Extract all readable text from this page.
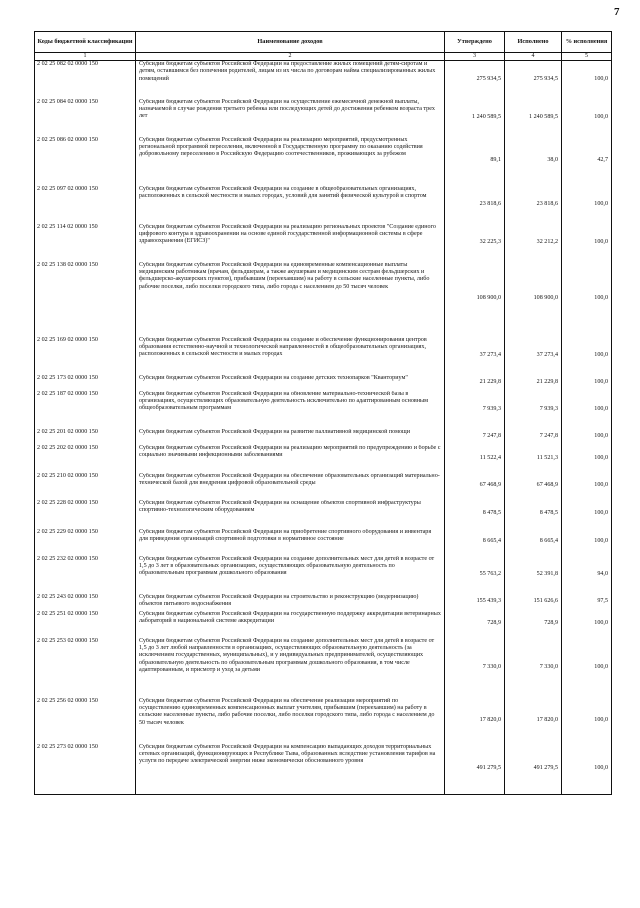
7
Коды бюджетной классификации	Наименование доходов	Утверждено	Исполнено	% исполнения
1	2	3	4	5
2 02 25 082 02 0000 150	Субсидии бюджетам субъектов Российской Федерации на предоставление жилых помещений детям-сиротам и детям, оставшимся без попечения родителей, лицам из их числа по договорам найма специализированных жилых помещений	275 934,5	275 934,5	100,0
2 02 25 084 02 0000 150	Субсидии бюджетам субъектов Российской Федерации на осуществление ежемесячной денежной выплаты, назначаемой в случае рождения третьего ребенка или последующих детей до достижения ребенком возраста трех лет	1 240 589,5	1 240 589,5	100,0
2 02 25 086 02 0000 150	Субсидии бюджетам субъектов Российской Федерации на реализацию мероприятий, предусмотренных региональной программой переселения, включенной в Государственную программу по оказанию содействия добровольному переселению в Российскую Федерацию соотечественников, проживающих за рубежом	89,1	38,0	42,7
2 02 25 097 02 0000 150	Субсидии бюджетам субъектов Российской Федерации на создание в общеобразовательных организациях, расположенных в сельской местности и малых городах, условий для занятий физической культурой и спортом	23 818,6	23 818,6	100,0
2 02 25 114 02 0000 150	Субсидии бюджетам субъектов Российской Федерации на реализацию региональных проектов "Создание единого цифрового контура в здравоохранении на основе единой государственной информационной системы в сфере здравоохранения (ЕГИСЗ)"	32 225,3	32 212,2	100,0
2 02 25 138 02 0000 150	Субсидии бюджетам субъектов Российской Федерации на единовременные компенсационные выплаты медицинским работникам (врачам, фельдшерам, а также акушеркам и медицинским сестрам фельдшерских и фельдшерско-акушерских пунктов), прибывшим (переехавшим) на работу в сельские населенные пункты, либо рабочие поселки, либо поселки городского типа, либо города с населением до 50 тысяч человек	108 900,0	108 900,0	100,0
2 02 25 169 02 0000 150	Субсидии бюджетам субъектов Российской Федерации на создание и обеспечение функционирования центров образования естественно-научной и технологической направленностей в общеобразовательных организациях, расположенных в сельской местности и малых городах	37 273,4	37 273,4	100,0
2 02 25 173 02 0000 150	Субсидии бюджетам субъектов Российской Федерации на создание детских технопарков "Кванториум"	21 229,8	21 229,8	100,0
2 02 25 187 02 0000 150	Субсидии бюджетам субъектов Российской Федерации на обновление материально-технической базы в организациях, осуществляющих образовательную деятельность исключительно по адаптированным основным общеобразовательным программам	7 939,3	7 939,3	100,0
2 02 25 201 02 0000 150	Субсидии бюджетам субъектов Российской Федерации на развитие паллиативной медицинской помощи	7 247,8	7 247,8	100,0
2 02 25 202 02 0000 150	Субсидии бюджетам субъектов Российской Федерации на реализацию мероприятий по предупреждению и борьбе с социально значимыми инфекционными заболеваниями	11 522,4	11 521,3	100,0
2 02 25 210 02 0000 150	Субсидии бюджетам субъектов Российской Федерации на обеспечение образовательных организаций материально-технической базой для внедрения цифровой образовательной среды	67 468,9	67 468,9	100,0
2 02 25 228 02 0000 150	Субсидии бюджетам субъектов Российской Федерации на оснащение объектов спортивной инфраструктуры спортивно-технологическим оборудованием	8 478,5	8 478,5	100,0
2 02 25 229 02 0000 150	Субсидии бюджетам субъектов Российской Федерации на приобретение спортивного оборудования и инвентаря для приведения организаций спортивной подготовки в нормативное состояние	8 665,4	8 665,4	100,0
2 02 25 232 02 0000 150	Субсидии бюджетам субъектов Российской Федерации на создание дополнительных мест для детей в возрасте от 1,5 до 3 лет в образовательных организациях, осуществляющих образовательную деятельность по образовательным программам дошкольного образования	55 763,2	52 391,8	94,0
2 02 25 243 02 0000 150	Субсидии бюджетам субъектов Российской Федерации на строительство и реконструкцию (модернизацию) объектов питьевого водоснабжения	155 439,3	151 626,6	97,5
2 02 25 251 02 0000 150	Субсидии бюджетам субъектов Российской Федерации на государственную поддержку аккредитации ветеринарных лабораторий в национальной системе аккредитации	728,9	728,9	100,0
2 02 25 253 02 0000 150	Субсидии бюджетам субъектов Российской Федерации на создание дополнительных мест для детей в возрасте от 1,5 до 3 лет любой направленности в организациях, осуществляющих образовательную деятельность (за исключением государственных, муниципальных), и у индивидуальных предпринимателей, осуществляющих образовательную деятельность по образовательным программам дошкольного образования, в том числе адаптированным, и присмотр и уход за детьми	7 330,0	7 330,0	100,0
2 02 25 256 02 0000 150	Субсидии бюджетам субъектов Российской Федерации на обеспечение реализации мероприятий по осуществлению единовременных компенсационных выплат учителям, прибывшим (переехавшим) на работу в сельские населенные пункты, либо рабочие поселки, либо поселки городского типа, либо города с населением до 50 тысяч человек	17 820,0	17 820,0	100,0
2 02 25 273 02 0000 150	Субсидии бюджетам субъектов Российской Федерации на компенсацию выпадающих доходов территориальных сетевых организаций, функционирующих в Республике Тыва, образованных вследствие установления тарифов на услуги по передаче электрической энергии ниже экономически обоснованного уровня	491 279,5	491 279,5	100,0
